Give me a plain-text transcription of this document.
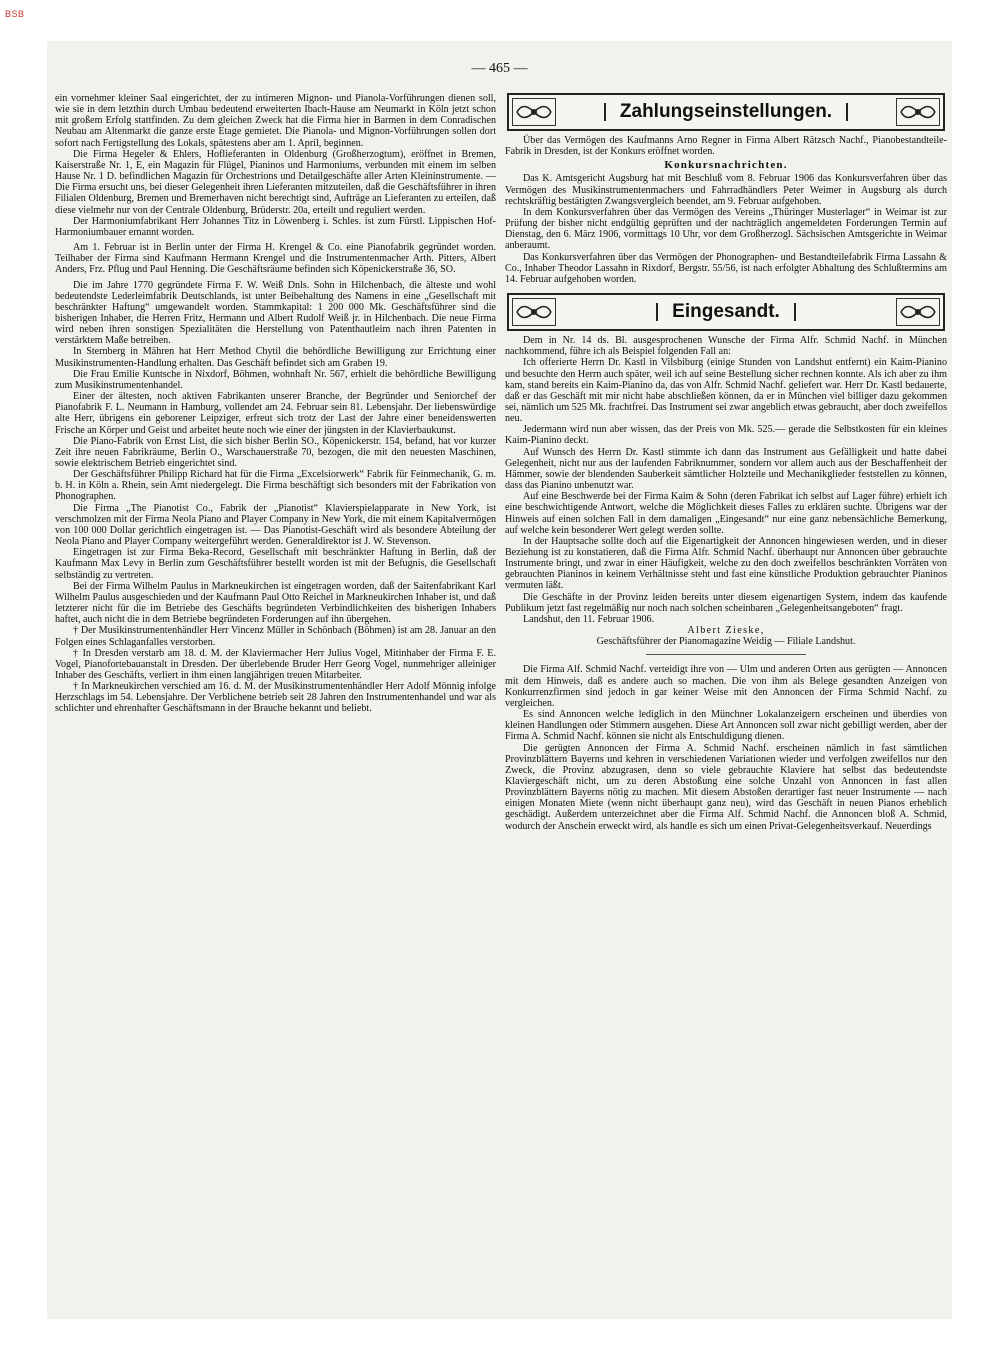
BSB
— 465 —

ein vornehmer kleiner Saal eingerichtet, der zu intimeren Mignon- und Pianola-Vorführungen dienen soll, wie sie in dem letzthin durch Umbau bedeutend erweiterten Ibach-Hause am Neumarkt in Köln jetzt schon mit großem Erfolg stattfinden. Zu dem gleichen Zweck hat die Firma hier in Barmen in dem Conradischen Neubau am Altenmarkt die ganze erste Etage gemietet. Die Pianola- und Mignon-Vorführungen sollen dort sofort nach Fertigstellung des Lokals, spätestens aber am 1. April, beginnen.

Die Firma Hegeler & Ehlers, Hoflieferanten in Oldenburg (Großherzogtum), eröffnet in Bremen, Kaiserstraße Nr. 1, E, ein Magazin für Flügel, Pianinos und Harmoniums, verbunden mit einem im selben Hause Nr. 1 D. befindlichen Magazin für Orchestrions und Detailgeschäfte aller Arten Kleininstrumente. — Die Firma ersucht uns, bei dieser Gelegenheit ihren Lieferanten mitzuteilen, daß die Geschäftsführer in ihren Filialen Oldenburg, Bremen und Bremerhaven nicht berechtigt sind, Aufträge an Lieferanten zu erteilen, daß diese vielmehr nur von der Centrale Oldenburg, Brüderstr. 20a, erteilt und reguliert werden.

Der Harmoniumfabrikant Herr Johannes Titz in Löwenberg i. Schles. ist zum Fürstl. Lippischen Hof-Harmoniumbauer ernannt worden.

Am 1. Februar ist in Berlin unter der Firma H. Krengel & Co. eine Pianofabrik gegründet worden. Teilhaber der Firma sind Kaufmann Hermann Krengel und die Instrumentenmacher Arth. Pitters, Albert Anders, Frz. Pflug und Paul Henning. Die Geschäftsräume befinden sich Köpenickerstraße 36, SO.

Die im Jahre 1770 gegründete Firma F. W. Weiß Dnls. Sohn in Hilchenbach, die älteste und wohl bedeutendste Lederleimfabrik Deutschlands, ist unter Beibehaltung des Namens in eine „Gesellschaft mit beschränkter Haftung“ umgewandelt worden. Stammkapital: 1 200 000 Mk. Geschäftsführer sind die bisherigen Inhaber, die Herren Fritz, Hermann und Albert Rudolf Weiß jr. in Hilchenbach. Die neue Firma wird neben ihren sonstigen Spezialitäten die Herstellung von Patenthautleim nach ihren Patenten in verstärktem Maße betreiben.

In Sternberg in Mähren hat Herr Method Chytil die behördliche Bewilligung zur Errichtung einer Musikinstrumenten-Handlung erhalten. Das Geschäft befindet sich am Graben 19.

Die Frau Emilie Kuntsche in Nixdorf, Böhmen, wohnhaft Nr. 567, erhielt die behördliche Bewilligung zum Musikinstrumentenhandel.

Einer der ältesten, noch aktiven Fabrikanten unserer Branche, der Begründer und Seniorchef der Pianofabrik F. L. Neumann in Hamburg, vollendet am 24. Februar sein 81. Lebensjahr. Der liebenswürdige alte Herr, übrigens ein geborener Leipziger, erfreut sich trotz der Last der Jahre einer beneidenswerten Frische an Körper und Geist und arbeitet heute noch wie einer der jüngsten in der Klavierbaukunst.

Die Piano-Fabrik von Ernst List, die sich bisher Berlin SO., Köpenickerstr. 154, befand, hat vor kurzer Zeit ihre neuen Fabrikräume, Berlin O., Warschauerstraße 70, bezogen, die mit den neuesten Maschinen, sowie elektrischem Betrieb eingerichtet sind.

Der Geschäftsführer Philipp Richard hat für die Firma „Excelsiorwerk“ Fabrik für Feinmechanik, G. m. b. H. in Köln a. Rhein, sein Amt niedergelegt. Die Firma beschäftigt sich besonders mit der Fabrikation von Phonographen.

Die Firma „The Pianotist Co., Fabrik der „Pianotist“ Klavierspielapparate in New York, ist verschmolzen mit der Firma Neola Piano and Player Company in New York, die mit einem Kapitalvermögen von 100 000 Dollar gerichtlich eingetragen ist. — Das Pianotist-Geschäft wird als besondere Abteilung der Neola Piano and Player Company weitergeführt werden. Generaldirektor ist J. W. Stevenson.

Eingetragen ist zur Firma Beka-Record, Gesellschaft mit beschränkter Haftung in Berlin, daß der Kaufmann Max Levy in Berlin zum Geschäftsführer bestellt worden ist mit der Befugnis, die Gesellschaft selbständig zu vertreten.

Bei der Firma Wilhelm Paulus in Markneukirchen ist eingetragen worden, daß der Saitenfabrikant Karl Wilhelm Paulus ausgeschieden und der Kaufmann Paul Otto Reichel in Markneukirchen Inhaber ist, und daß letzterer nicht für die im Betriebe des Geschäfts begründeten Verbindlichkeiten des bisherigen Inhabers haftet, auch nicht die in dem Betriebe begründeten Forderungen auf ihn übergehen.

† Der Musikinstrumentenhändler Herr Vincenz Müller in Schönbach (Böhmen) ist am 28. Januar an den Folgen eines Schlaganfalles verstorben.

† In Dresden verstarb am 18. d. M. der Klaviermacher Herr Julius Vogel, Mitinhaber der Firma F. E. Vogel, Pianofortebauanstalt in Dresden. Der überlebende Bruder Herr Georg Vogel, nunmehriger alleiniger Inhaber des Geschäfts, verliert in ihm einen langjährigen treuen Mitarbeiter.

† In Markneukirchen verschied am 16. d. M. der Musikinstrumentenhändler Herr Adolf Mönnig infolge Herzschlags im 54. Lebensjahre. Der Verblichene betrieb seit 28 Jahren den Instrumentenhandel und war als schlichter und ehrenhafter Geschäftsmann in der Brauche bekannt und beliebt.

Zahlungseinstellungen.

Über das Vermögen des Kaufmanns Arno Regner in Firma Albert Rätzsch Nachf., Pianobestandteile-Fabrik in Dresden, ist der Konkurs eröffnet worden.

Konkursnachrichten.

Das K. Amtsgericht Augsburg hat mit Beschluß vom 8. Februar 1906 das Konkursverfahren über das Vermögen des Musikinstrumentenmachers und Fahrradhändlers Peter Weimer in Augsburg als durch rechtskräftig bestätigten Zwangsvergleich beendet, am 9. Februar aufgehoben.

In dem Konkursverfahren über das Vermögen des Vereins „Thüringer Musterlager“ in Weimar ist zur Prüfung der bisher nicht endgültig geprüften und der nachträglich angemeldeten Forderungen Termin auf Dienstag, den 6. März 1906, vormittags 10 Uhr, vor dem Großherzogl. Sächsischen Amtsgerichte in Weimar anberaumt.

Das Konkursverfahren über das Vermögen der Phonographen- und Bestandteilefabrik Firma Lassahn & Co., Inhaber Theodor Lassahn in Rixdorf, Bergstr. 55/56, ist nach erfolgter Abhaltung des Schlußtermins am 14. Februar aufgehoben worden.

Eingesandt.

Dem in Nr. 14 ds. Bl. ausgesprochenen Wunsche der Firma Alfr. Schmid Nachf. in München nachkommend, führe ich als Beispiel folgenden Fall an:

Ich offerierte Herrn Dr. Kastl in Vilsbiburg (einige Stunden von Landshut entfernt) ein Kaim-Pianino und besuchte den Herrn auch später, weil ich auf seine Bestellung sicher rechnen konnte. Als ich aber zu ihm kam, stand bereits ein Kaim-Pianino da, das von Alfr. Schmid Nachf. geliefert war. Herr Dr. Kastl bedauerte, daß er das Geschäft mit mir nicht habe abschließen können, da er in München viel billiger dazu gekommen sei, nämlich um 525 Mk. frachtfrei. Das Instrument sei zwar angeblich etwas gebraucht, aber doch zweifellos neu.

Jedermann wird nun aber wissen, das der Preis von Mk. 525.— gerade die Selbstkosten für ein kleines Kaim-Pianino deckt.

Auf Wunsch des Herrn Dr. Kastl stimmte ich dann das Instrument aus Gefälligkeit und hatte dabei Gelegenheit, nicht nur aus der laufenden Fabriknummer, sondern vor allem auch aus der Beschaffenheit der Hämmer, sowie der blendenden Sauberkeit sämtlicher Holzteile und Mechanikglieder feststellen zu können, dass das Pianino unbenutzt war.

Auf eine Beschwerde bei der Firma Kaim & Sohn (deren Fabrikat ich selbst auf Lager führe) erhielt ich eine beschwichtigende Antwort, welche die Möglichkeit dieses Falles zu erklären suchte. Übrigens war der Hinweis auf einen solchen Fall in dem damaligen „Eingesandt“ nur eine ganz nebensächliche Bemerkung, auf welche kein besonderer Wert gelegt werden sollte.

In der Hauptsache sollte doch auf die Eigenartigkeit der Annoncen hingewiesen werden, und in dieser Beziehung ist zu konstatieren, daß die Firma Alfr. Schmid Nachf. überhaupt nur Annoncen über gebrauchte Instrumente bringt, und zwar in einer Häufigkeit, welche zu den doch zweifellos beschränkten Vorräten von gebrauchten Pianinos in keinem Verhältnisse steht und fast eine künstliche Produktion gebrauchter Pianinos vermuten läßt.

Die Geschäfte in der Provinz leiden bereits unter diesem eigenartigen System, indem das kaufende Publikum jetzt fast regelmäßig nur noch nach solchen scheinbaren „Gelegenheitsangeboten“ fragt.

Landshut, den 11. Februar 1906.

Albert Zieske,
Geschäftsführer der Pianomagazine Weidig — Filiale Landshut.

Die Firma Alf. Schmid Nachf. verteidigt ihre von — Ulm und anderen Orten aus gerügten — Annoncen mit dem Hinweis, daß es andere auch so machen. Die von ihm als Belege gesandten Anzeigen von Konkurrenzfirmen sind jedoch in gar keiner Weise mit den Annoncen der Firma Schmid Nachf. zu vergleichen.

Es sind Annoncen welche lediglich in den Münchner Lokalanzeigern erscheinen und überdies von kleinen Handlungen oder Stimmern ausgehen. Diese Art Annoncen soll zwar nicht gebilligt werden, aber der Firma A. Schmid Nachf. können sie nicht als Entschuldigung dienen.

Die gerügten Annoncen der Firma A. Schmid Nachf. erscheinen nämlich in fast sämtlichen Provinzblättern Bayerns und kehren in verschiedenen Variationen wieder und verfolgen zweifellos nur den Zweck, die Provinz abzugrasen, denn so viele gebrauchte Klaviere hat selbst das bedeutendste Klaviergeschäft nicht, um zu deren Abstoßung eine solche Unzahl von Annoncen in fast allen Provinzblättern Bayerns nötig zu machen. Mit diesem Abstoßen derartiger fast neuer Instrumente — nach einigen Monaten Miete (wenn nicht überhaupt ganz neu), wird das Geschäft in neuen Pianos erheblich geschädigt. Außerdem unterzeichnet aber die Firma Alf. Schmid Nachf. die Annoncen bloß A. Schmid, wodurch der Anschein erweckt wird, als handle es sich um einen Privat-Gelegenheitsverkauf. Neuerdings
